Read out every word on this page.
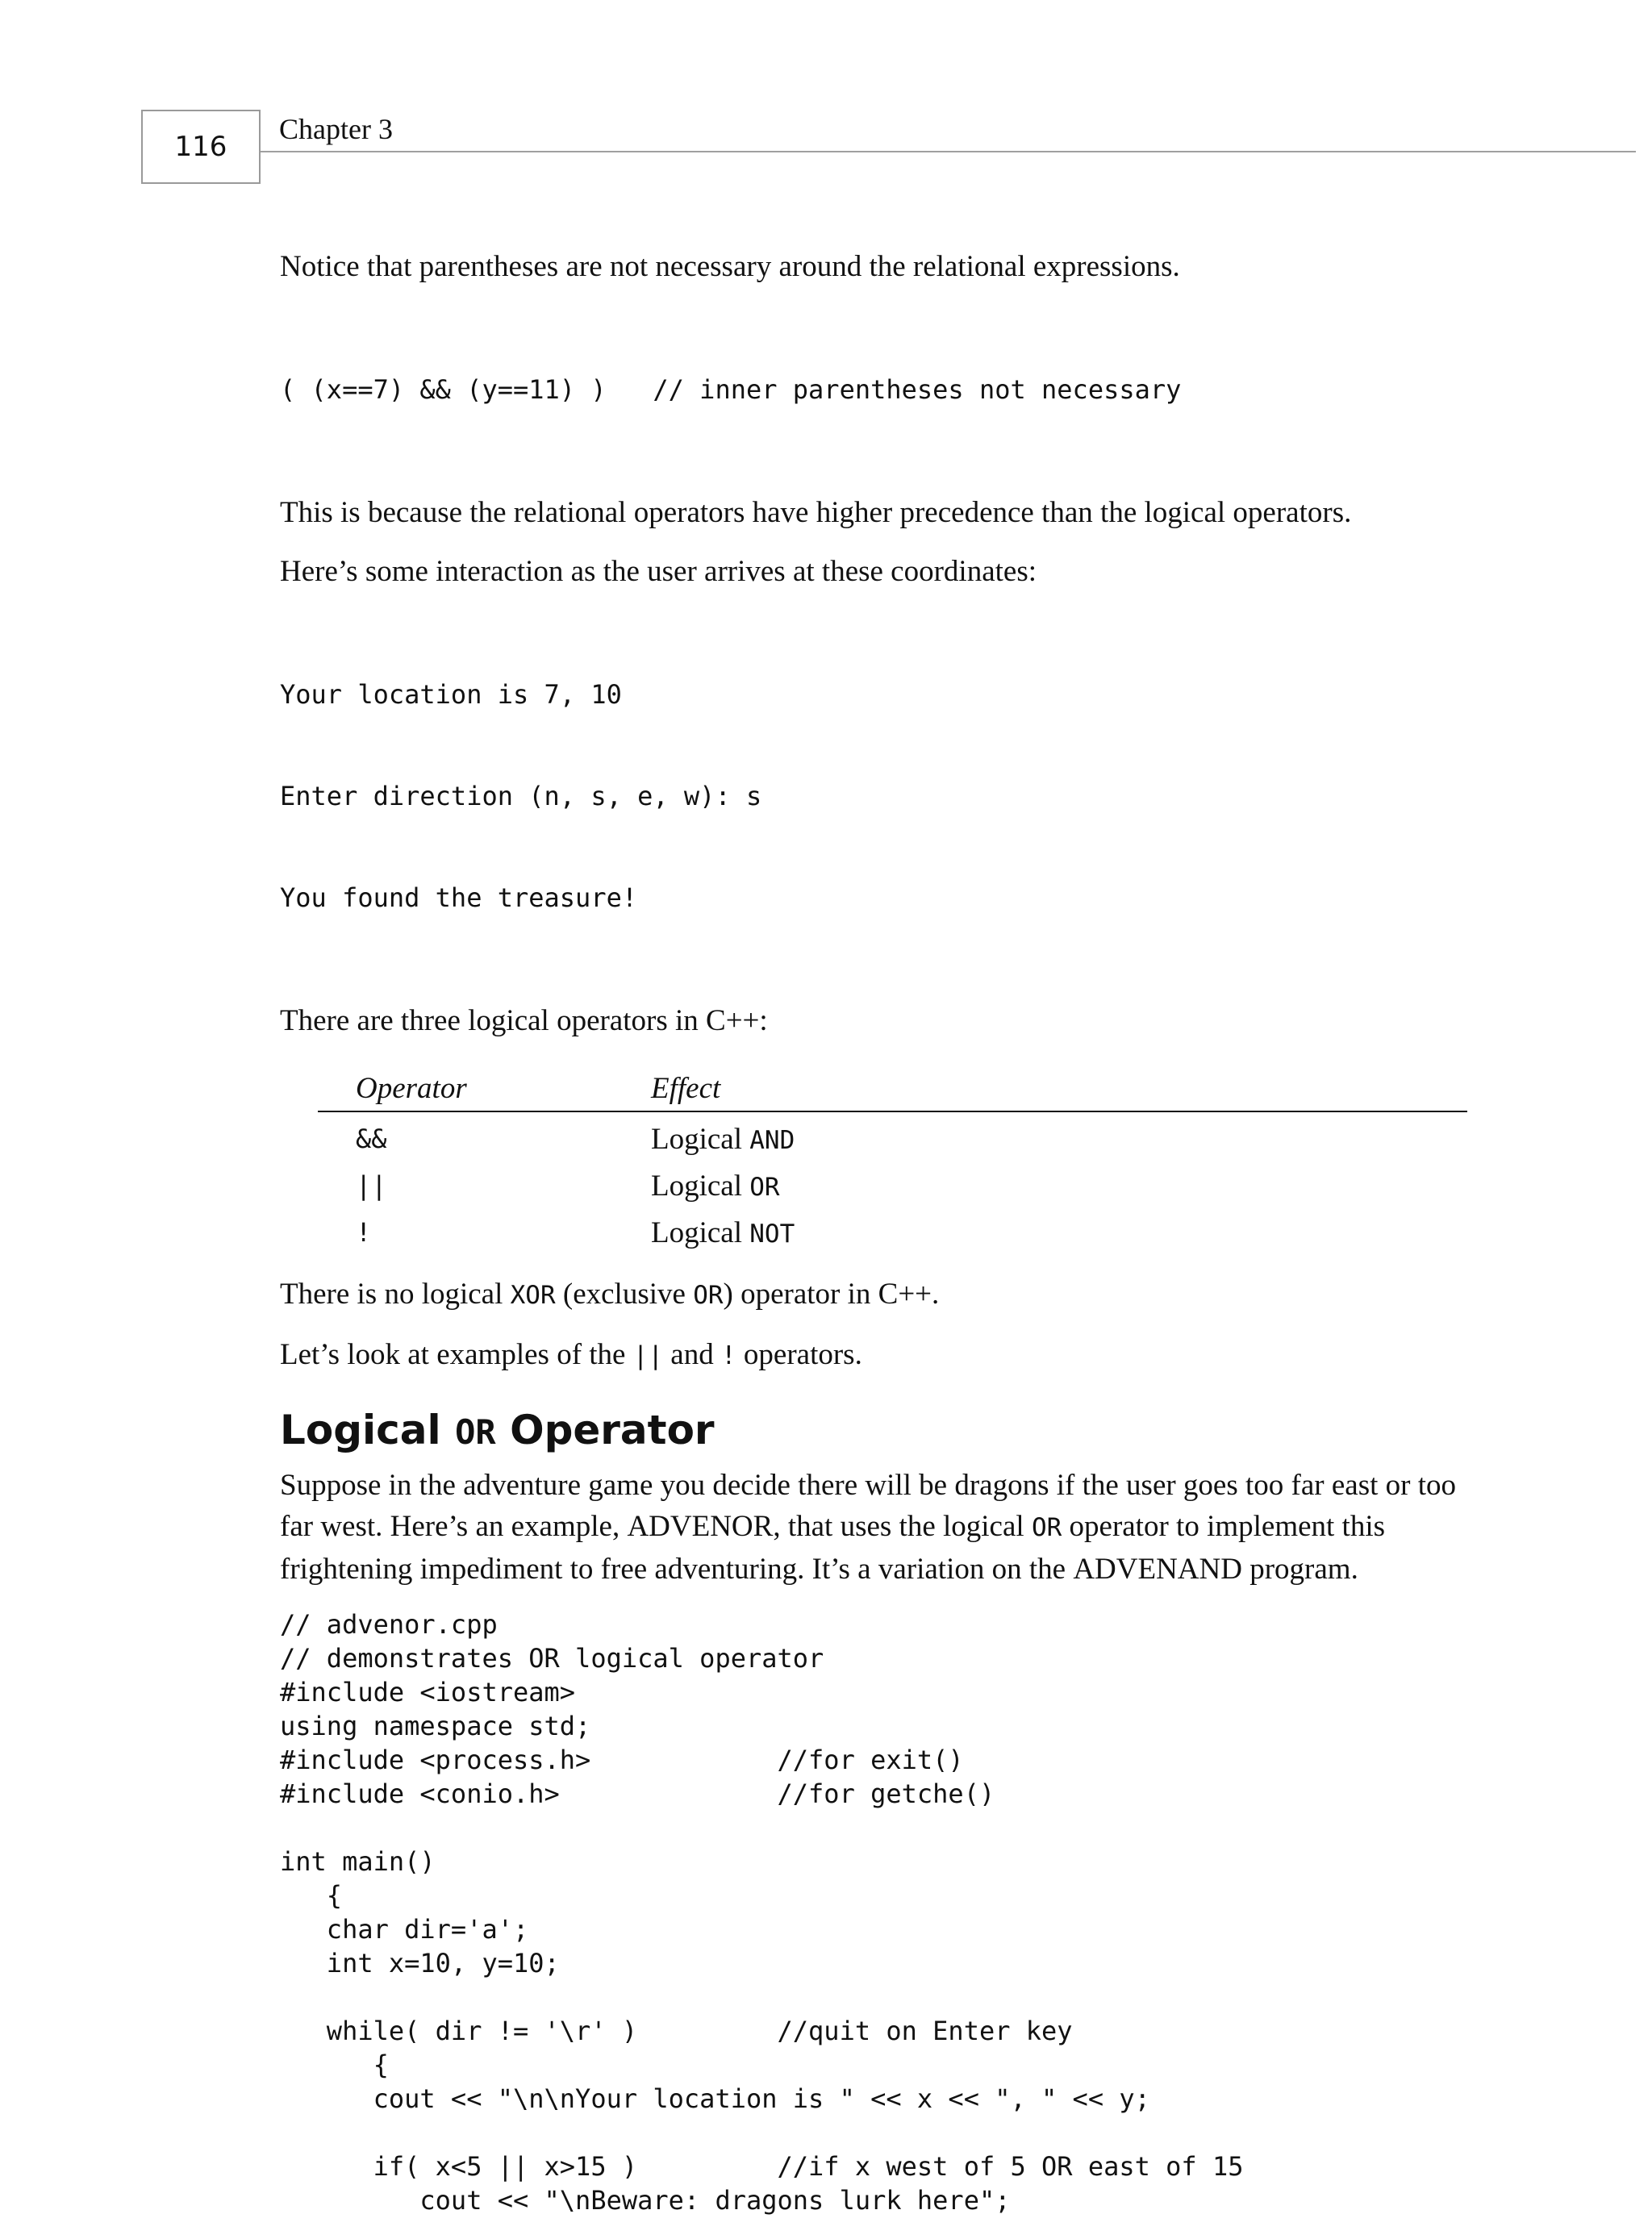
116
Chapter 3

Notice that parentheses are not necessary around the relational expressions.

( (x==7) && (y==11) )   // inner parentheses not necessary

This is because the relational operators have higher precedence than the logical operators.

Here’s some interaction as the user arrives at these coordinates:

Your location is 7, 10

Enter direction (n, s, e, w): s

You found the treasure!

There are three logical operators in C++:

Operator	Effect
&&	Logical AND
||	Logical OR
!	Logical NOT

There is no logical XOR (exclusive OR) operator in C++.

Let’s look at examples of the || and ! operators.

Logical OR Operator

Suppose in the adventure game you decide there will be dragons if the user goes too far east or too far west. Here’s an example, ADVENOR, that uses the logical OR operator to implement this frightening impediment to free adventuring. It’s a variation on the ADVENAND program.

// advenor.cpp
// demonstrates OR logical operator
#include <iostream>
using namespace std;
#include <process.h>            //for exit()
#include <conio.h>              //for getche()
int main()
{
char dir='a';
int x=10, y=10;
while( dir != '\r' )         //quit on Enter key
{
cout << "\n\nYour location is " << x << ", " << y;
if( x<5 || x>15 )         //if x west of 5 OR east of 15
cout << "\nBeware: dragons lurk here";
